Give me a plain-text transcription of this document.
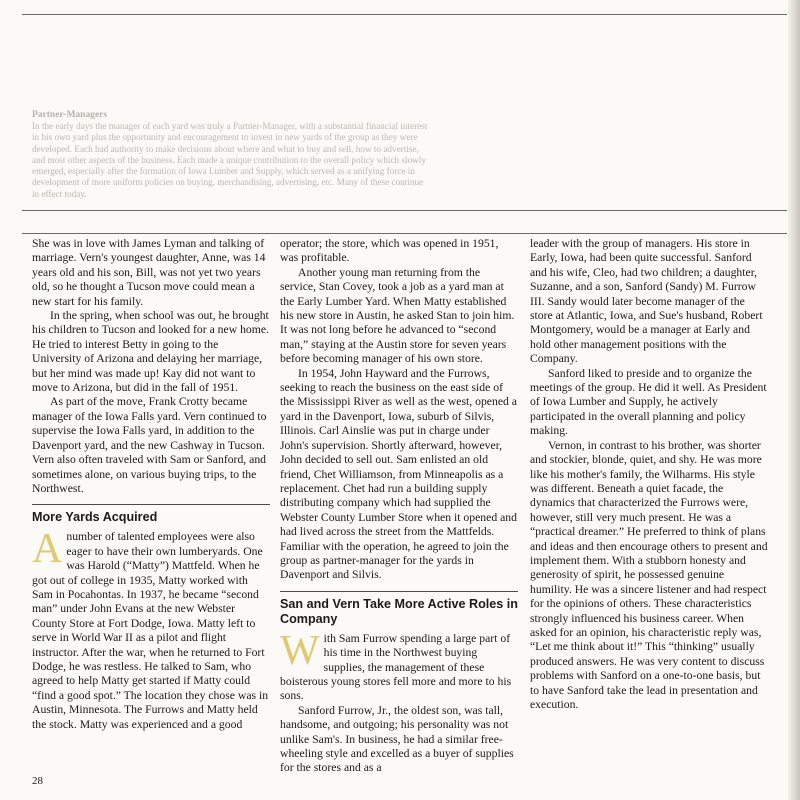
Partner-Managers

In the early days the manager of each yard was truly a Partner-Manager, with a substantial financial interest

in his own yard plus the opportunity and encouragement to invest in new yards of the group as they were

developed. Each had authority to make decisions about where and what to buy and sell, how to advertise,

and most other aspects of the business. Each made a unique contribution to the overall policy which slowly

emerged, especially after the formation of Iowa Lumber and Supply, which served as a unifying force in

development of more uniform policies on buying, merchandising, advertising, etc. Many of these continue

in effect today.

She was in love with James Lyman and talking of marriage. Vern's youngest daughter, Anne, was 14 years old and his son, Bill, was not yet two years old, so he thought a Tucson move could mean a new start for his family.

In the spring, when school was out, he brought his children to Tucson and looked for a new home. He tried to interest Betty in going to the University of Arizona and delaying her marriage, but her mind was made up! Kay did not want to move to Arizona, but did in the fall of 1951.

As part of the move, Frank Crotty became manager of the Iowa Falls yard. Vern continued to supervise the Iowa Falls yard, in addition to the Davenport yard, and the new Cashway in Tucson. Vern also often traveled with Sam or Sanford, and sometimes alone, on various buying trips, to the Northwest.

More Yards Acquired

Anumber of talented employees were also eager to have their own lumberyards. One was Harold (“Matty”) Mattfeld. When he got out of college in 1935, Matty worked with Sam in Pocahontas. In 1937, he became “second man” under John Evans at the new Webster County Store at Fort Dodge, Iowa. Matty left to serve in World War II as a pilot and flight instructor. After the war, when he returned to Fort Dodge, he was restless. He talked to Sam, who agreed to help Matty get started if Matty could “find a good spot.” The location they chose was in Austin, Minnesota. The Furrows and Matty held the stock. Matty was experienced and a good

operator; the store, which was opened in 1951, was profitable.

Another young man returning from the service, Stan Covey, took a job as a yard man at the Early Lumber Yard. When Matty established his new store in Austin, he asked Stan to join him. It was not long before he advanced to “second man,” staying at the Austin store for seven years before becoming manager of his own store.

In 1954, John Hayward and the Furrows, seeking to reach the business on the east side of the Mississippi River as well as the west, opened a yard in the Davenport, Iowa, suburb of Silvis, Illinois. Carl Ainslie was put in charge under John's supervision. Shortly afterward, however, John decided to sell out. Sam enlisted an old friend, Chet Williamson, from Minneapolis as a replacement. Chet had run a building supply distributing company which had supplied the Webster County Lumber Store when it opened and had lived across the street from the Mattfelds. Familiar with the operation, he agreed to join the group as partner-manager for the yards in Davenport and Silvis.

San and Vern Take More Active Roles in Company

With Sam Furrow spending a large part of his time in the Northwest buying supplies, the management of these boisterous young stores fell more and more to his sons.

Sanford Furrow, Jr., the oldest son, was tall, handsome, and outgoing; his personality was not unlike Sam's. In business, he had a similar free-wheeling style and excelled as a buyer of supplies for the stores and as a

leader with the group of managers. His store in Early, Iowa, had been quite successful. Sanford and his wife, Cleo, had two children; a daughter, Suzanne, and a son, Sanford (Sandy) M. Furrow III. Sandy would later become manager of the store at Atlantic, Iowa, and Sue's husband, Robert Montgomery, would be a manager at Early and hold other management positions with the Company.

Sanford liked to preside and to organize the meetings of the group. He did it well. As President of Iowa Lumber and Supply, he actively participated in the overall planning and policy making.

Vernon, in contrast to his brother, was shorter and stockier, blonde, quiet, and shy. He was more like his mother's family, the Wilharms. His style was different. Beneath a quiet facade, the dynamics that characterized the Furrows were, however, still very much present. He was a “practical dreamer.” He preferred to think of plans and ideas and then encourage others to present and implement them. With a stubborn honesty and generosity of spirit, he possessed genuine humility. He was a sincere listener and had respect for the opinions of others. These characteristics strongly influenced his business career. When asked for an opinion, his characteristic reply was, “Let me think about it!” This “thinking” usually produced answers. He was very content to discuss problems with Sanford on a one-to-one basis, but to have Sanford take the lead in presentation and execution.

28
